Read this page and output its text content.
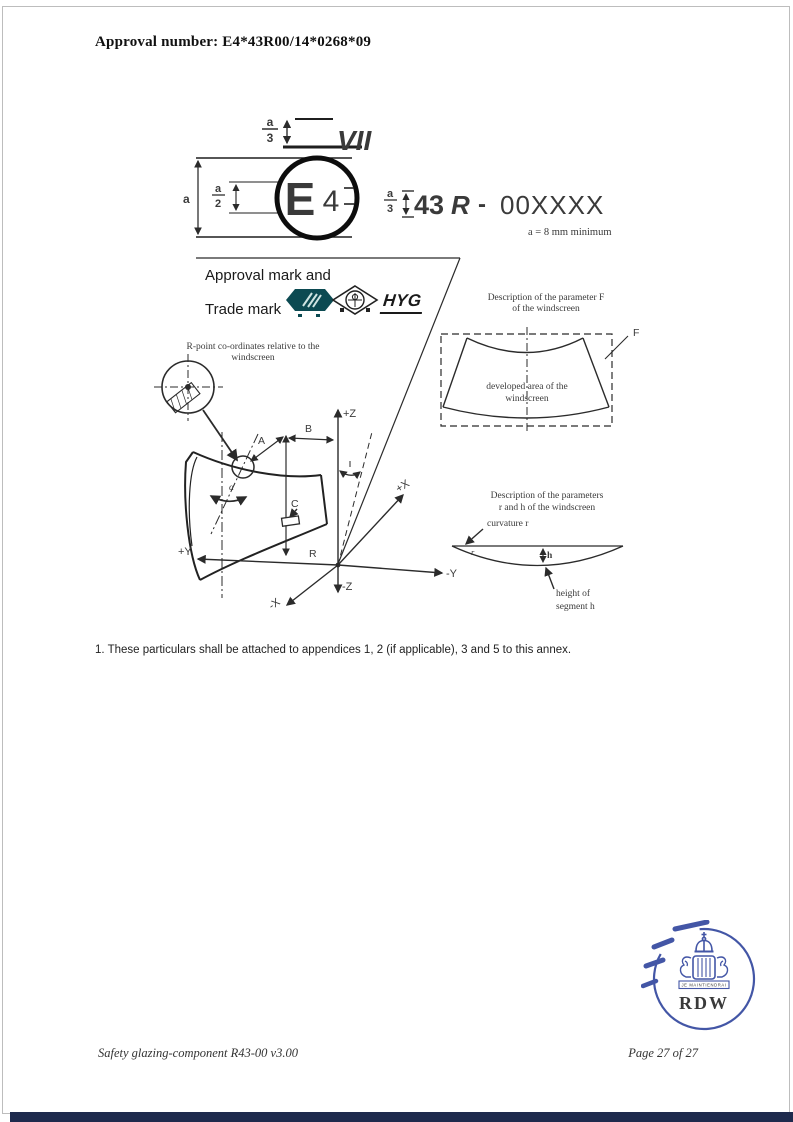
Approval number: E4*43R00/14*0268*09
a
3 VII
a
a
2 E 4	a
3 43 R - 00XXXX
a = 8 mm minimum
R-point co-ordinates relative to the
windscreen
α
A
B
C
+Z
-Z
+Y
-Y
+X
-X
R
Description of the parameter F
of the windscreen
developed area of the
windscreen
F
Description of the parameters
r and h of the windscreen
curvature r
r	h
height of
segment h
Approval mark and
Trade mark	HYG
1. These particulars shall be attached to appendices 1, 2 (if applicable), 3 and 5 to this annex.
Safety glazing-component R43-00 v3.00	Page 27 of 27
JE MAINTIENDRAI
RDW
